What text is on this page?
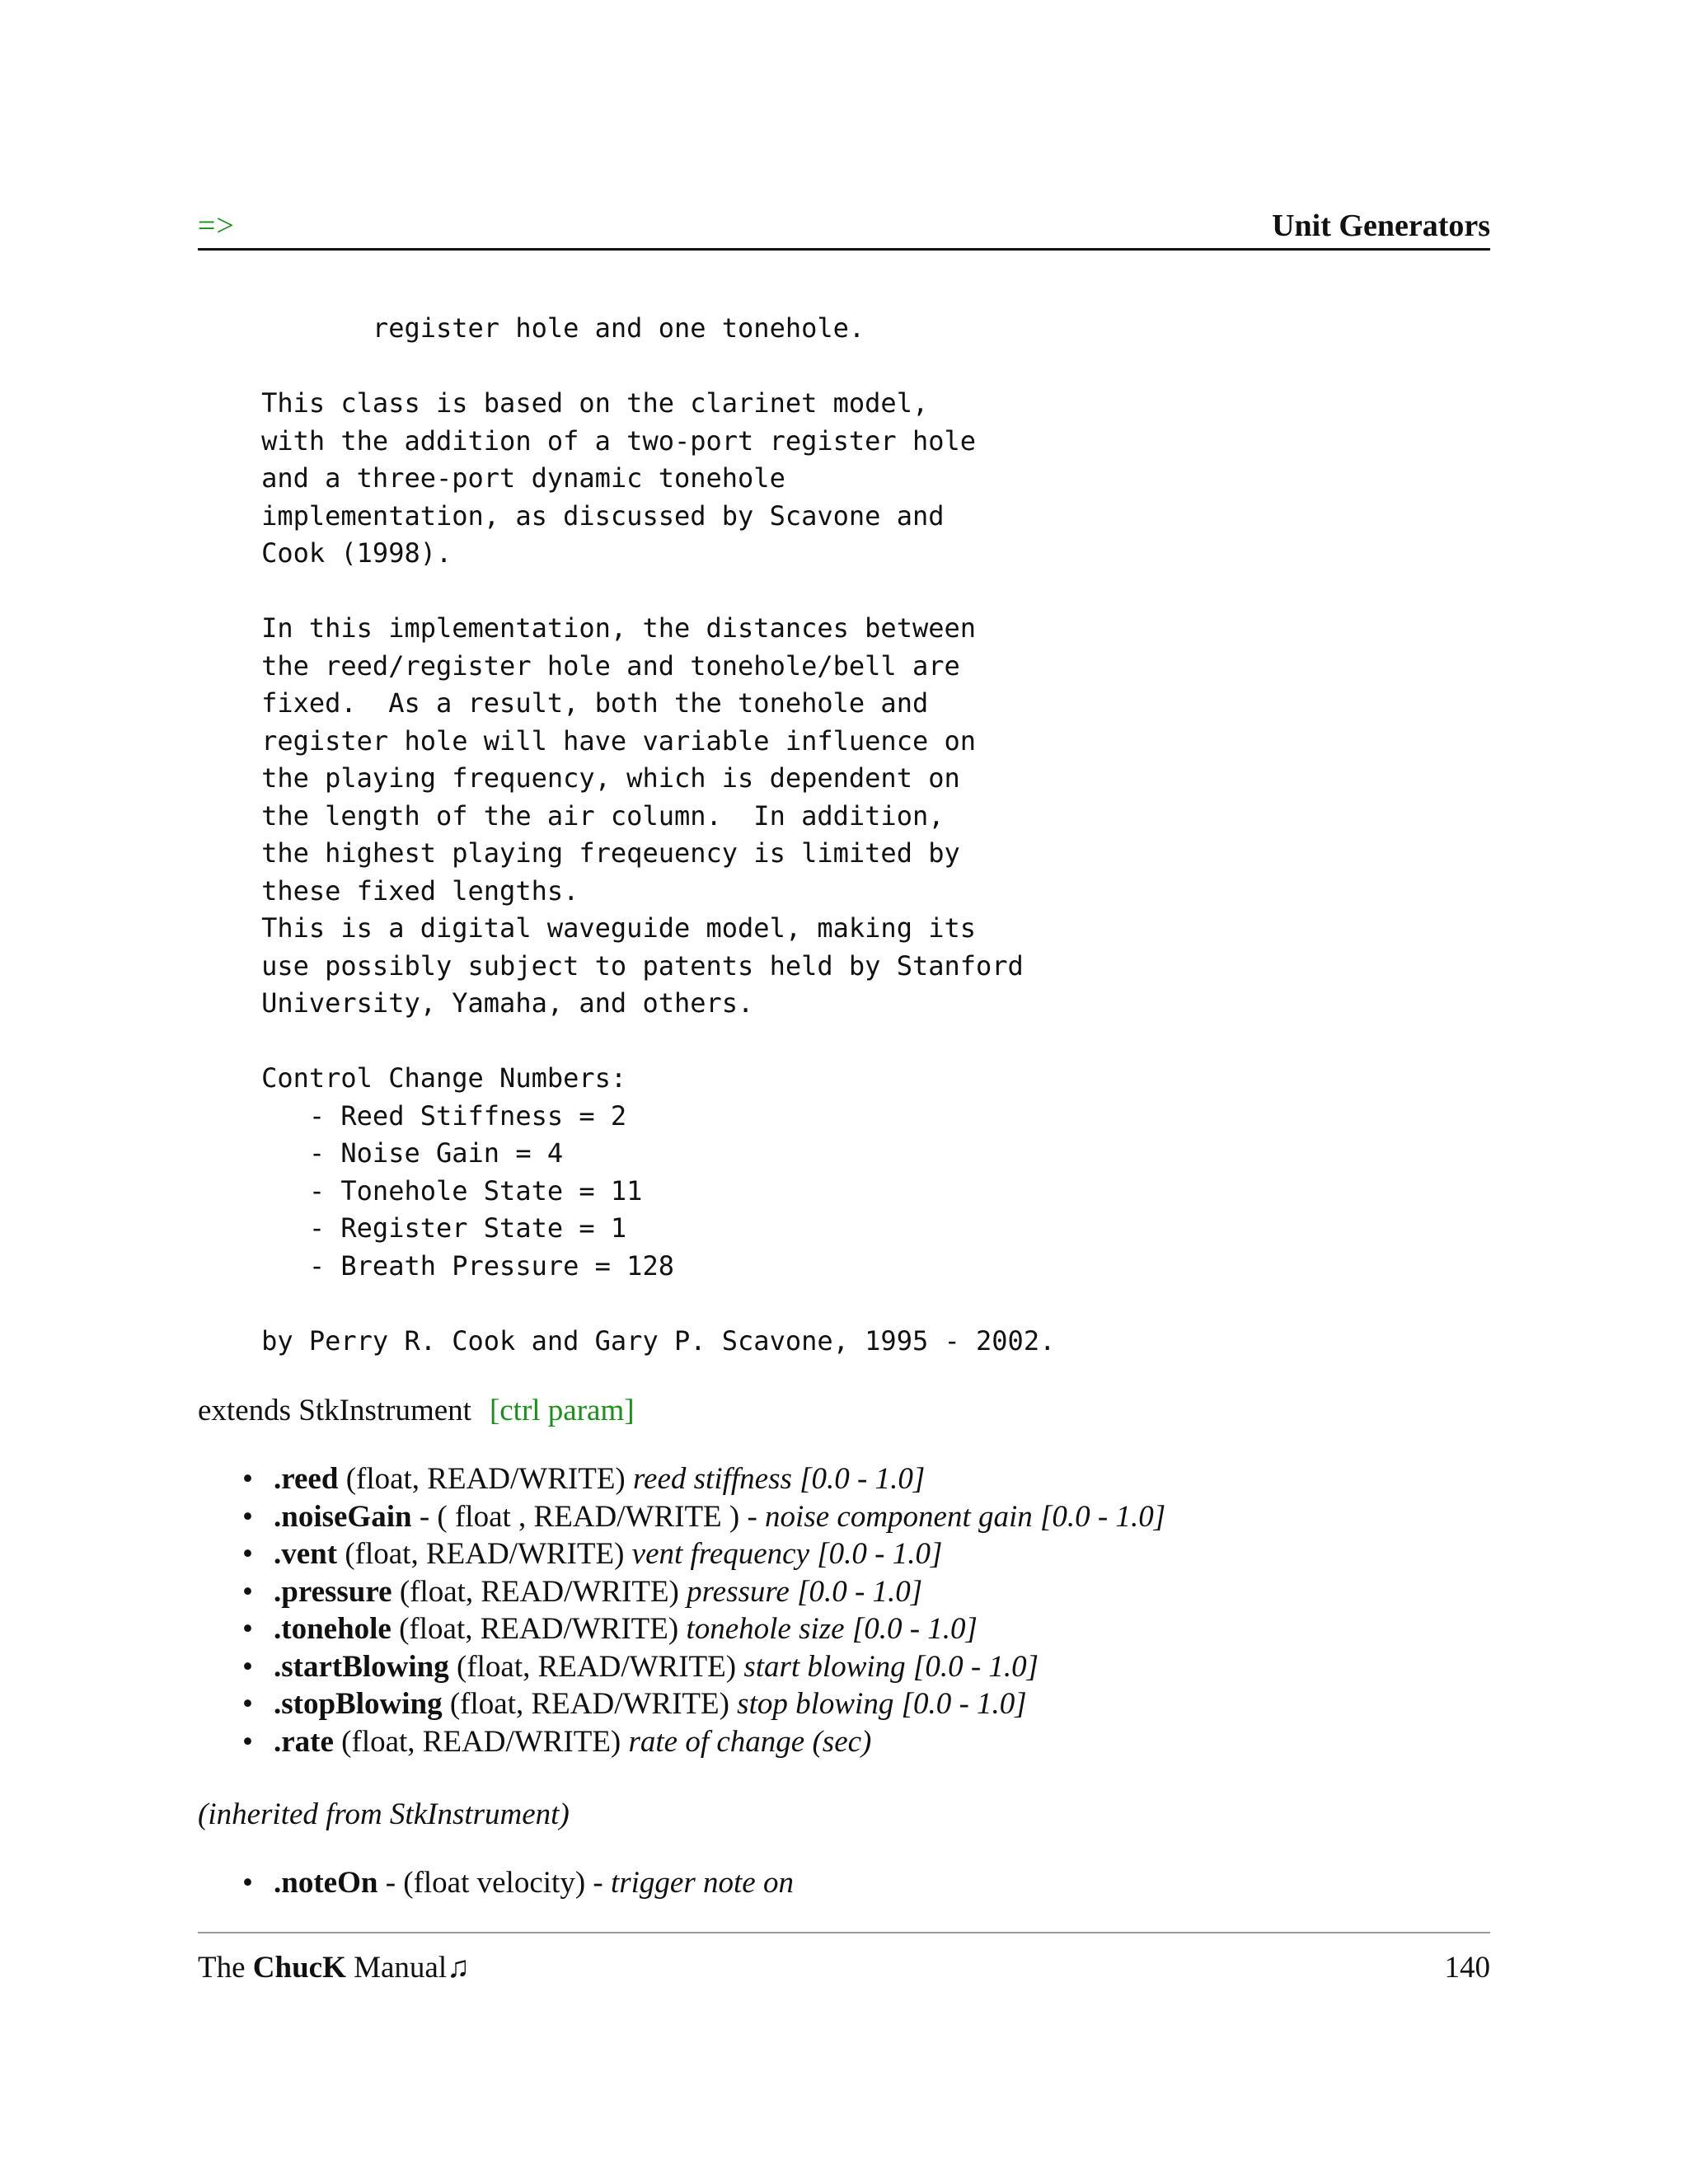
=>	Unit Generators
register hole and one tonehole.

This class is based on the clarinet model,
with the addition of a two-port register hole
and a three-port dynamic tonehole
implementation, as discussed by Scavone and
Cook (1998).

In this implementation, the distances between
the reed/register hole and tonehole/bell are
fixed.  As a result, both the tonehole and
register hole will have variable influence on
the playing frequency, which is dependent on
the length of the air column.  In addition,
the highest playing freqeuency is limited by
these fixed lengths.
This is a digital waveguide model, making its
use possibly subject to patents held by Stanford
University, Yamaha, and others.

Control Change Numbers:
- Reed Stiffness = 2
- Noise Gain = 4
- Tonehole State = 11
- Register State = 1
- Breath Pressure = 128

by Perry R. Cook and Gary P. Scavone, 1995 - 2002.
extends StkInstrument [ctrl param]
• .reed (float, READ/WRITE) reed stiffness [0.0 - 1.0]
• .noiseGain - ( float , READ/WRITE ) - noise component gain [0.0 - 1.0]
• .vent (float, READ/WRITE) vent frequency [0.0 - 1.0]
• .pressure (float, READ/WRITE) pressure [0.0 - 1.0]
• .tonehole (float, READ/WRITE) tonehole size [0.0 - 1.0]
• .startBlowing (float, READ/WRITE) start blowing [0.0 - 1.0]
• .stopBlowing (float, READ/WRITE) stop blowing [0.0 - 1.0]
• .rate (float, READ/WRITE) rate of change (sec)
(inherited from StkInstrument)
• .noteOn - (float velocity) - trigger note on
The ChucK Manual♫	140
